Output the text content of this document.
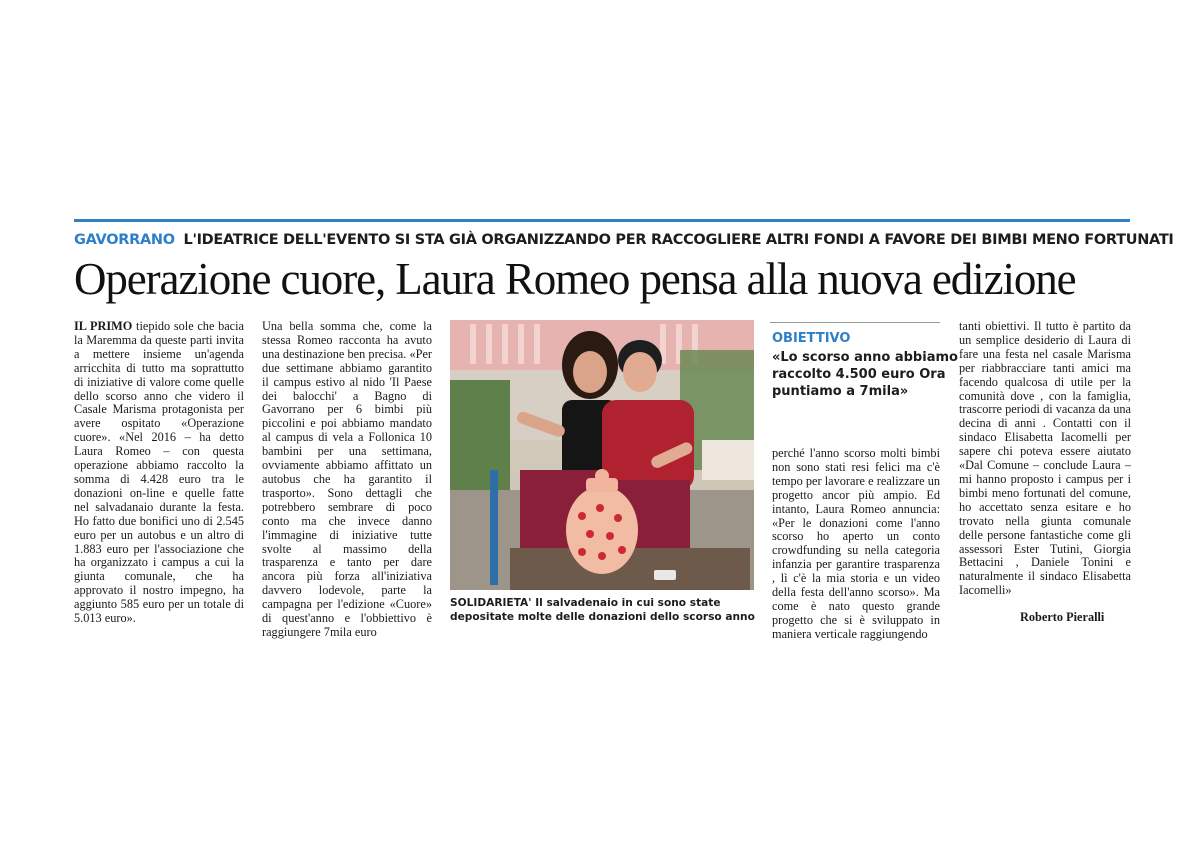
GAVORRANO L'IDEATRICE DELL'EVENTO SI STA GIÀ ORGANIZZANDO PER RACCOGLIERE ALTRI FONDI A FAVORE DEI BIMBI MENO FORTUNATI
Operazione cuore, Laura Romeo pensa alla nuova edizione

IL PRIMO tiepido sole che bacia la Maremma da queste parti invita a mettere insieme un'agenda arricchita di tutto ma soprattutto di iniziative di valore come quelle dello scorso anno che videro il Casale Marisma protagonista per avere ospitato «Operazione cuore». «Nel 2016 – ha detto Laura Romeo – con questa operazione abbiamo raccolto la somma di 4.428 euro tra le donazioni on-line e quelle fatte nel salvadanaio durante la festa. Ho fatto due bonifici uno di 2.545 euro per un autobus e un altro di 1.883 euro per l'associazione che ha organizzato i campus a cui la giunta comunale, che ha approvato il nostro impegno, ha aggiunto 585 euro per un totale di 5.013 euro».

Una bella somma che, come la stessa Romeo racconta ha avuto una destinazione ben precisa. «Per due settimane abbiamo garantito il campus estivo al nido 'Il Paese dei balocchi' a Bagno di Gavorrano per 6 bimbi più piccolini e poi abbiamo mandato al campus di vela a Follonica 10 bambini per una settimana, ovviamente abbiamo affittato un autobus che ha garantito il trasporto». Sono dettagli che potrebbero sembrare di poco conto ma che invece danno l'immagine di iniziative tutte svolte al massimo della trasparenza e tanto per dare ancora più forza all'iniziativa davvero lodevole, parte la campagna per l'edizione «Cuore» di quest'anno e l'obbiettivo è raggiungere 7mila euro

SOLIDARIETA' Il salvadenaio in cui sono state depositate molte delle donazioni dello scorso anno
OBIETTIVO
«Lo scorso anno abbiamo raccolto 4.500 euro Ora puntiamo a 7mila»

perché l'anno scorso molti bimbi non sono stati resi felici ma c'è tempo per lavorare e realizzare un progetto ancor più ampio. Ed intanto, Laura Romeo annuncia: «Per le donazioni come l'anno scorso ho aperto un conto crowdfunding su nella categoria infanzia per garantire trasparenza , lì c'è la mia storia e un video della festa dell'anno scorso». Ma come è nato questo grande progetto che si è sviluppato in maniera verticale raggiungendo

tanti obiettivi. Il tutto è partito da un semplice desiderio di Laura di fare una festa nel casale Marisma per riabbracciare tanti amici ma facendo qualcosa di utile per la comunità dove , con la famiglia, trascorre periodi di vacanza da una decina di anni . Contatti con il sindaco Elisabetta Iacomelli per sapere chi poteva essere aiutato «Dal Comune – conclude Laura – mi hanno proposto i campus per i bimbi meno fortunati del comune, ho accettato senza esitare e ho trovato nella giunta comunale delle persone fantastiche come gli assessori Ester Tutini, Giorgia Bettacini , Daniele Tonini e naturalmente il sindaco Elisabetta Iacomelli»

Roberto Pieralli
